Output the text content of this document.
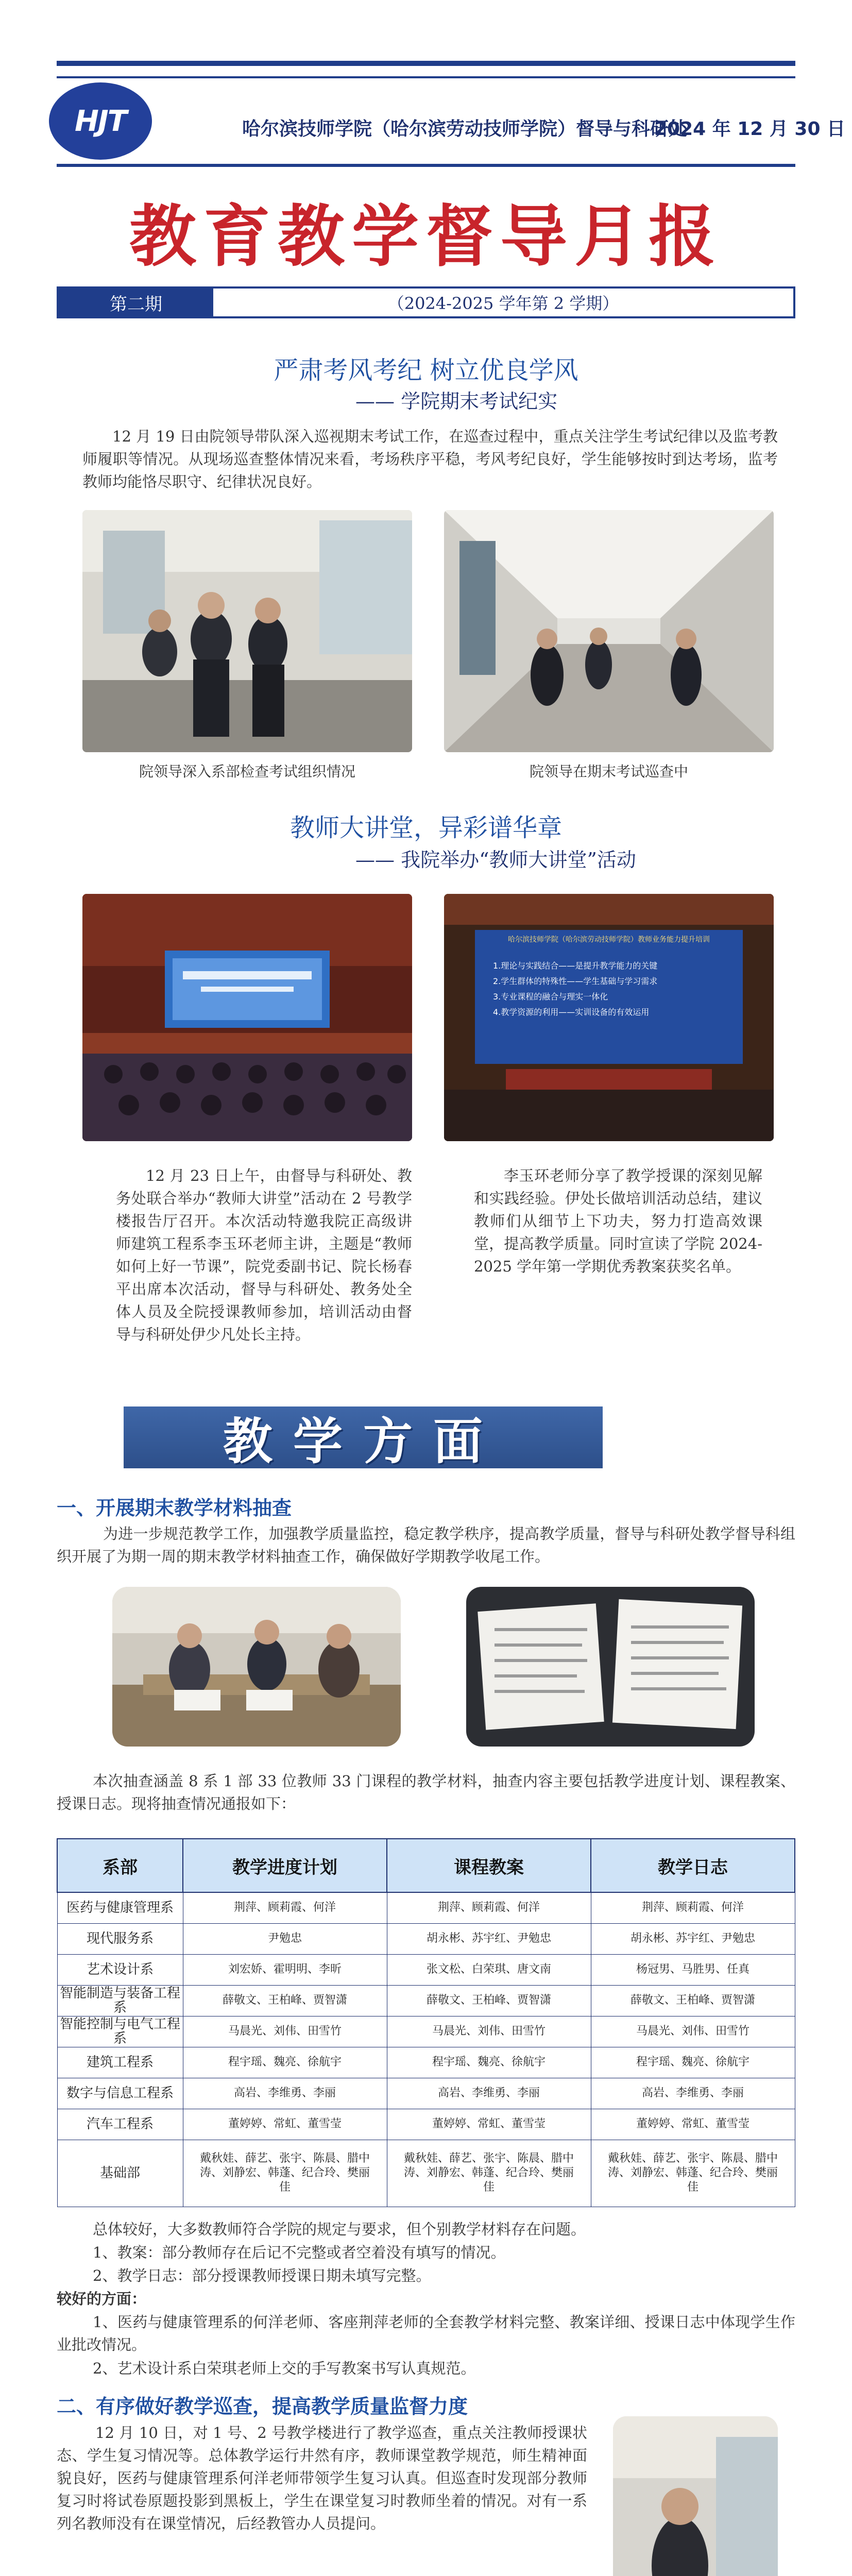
HJT	哈尔滨技师学院（哈尔滨劳动技师学院）督导与科研处
2024 年 12 月 30 日
教育教学督导月报
第二期	（2024-2025 学年第 2 学期）
严肃考风考纪 树立优良学风
—— 学院期末考试纪实
12 月 19 日由院领导带队深入巡视期末考试工作，在巡查过程中，重点关注学生考试纪律以及监考教师履职等情况。从现场巡查整体情况来看，考场秩序平稳，考风考纪良好，学生能够按时到达考场，监考教师均能恪尽职守、纪律状况良好。
院领导深入系部检查考试组织情况	院领导在期末考试巡查中
教师大讲堂，异彩谱华章
—— 我院举办“教师大讲堂”活动
哈尔滨技师学院（哈尔滨劳动技师学院）教师业务能力提升培训
1.理论与实践结合——是提升教学能力的关键
2.学生群体的特殊性——学生基础与学习需求
3.专业课程的融合与理实一体化
4.教学资源的利用——实训设备的有效运用
12 月 23 日上午，由督导与科研处、教务处联合举办“教师大讲堂”活动在 2 号教学楼报告厅召开。本次活动特邀我院正高级讲师建筑工程系李玉环老师主讲，主题是“教师如何上好一节课”，院党委副书记、院长杨春平出席本次活动，督导与科研处、教务处全体人员及全院授课教师参加，培训活动由督导与科研处伊少凡处长主持。
李玉环老师分享了教学授课的深刻见解和实践经验。伊处长做培训活动总结，建议教师们从细节上下功夫，努力打造高效课堂，提高教学质量。同时宣读了学院 2024-2025 学年第一学期优秀教案获奖名单。
教学方面
一、开展期末教学材料抽查
为进一步规范教学工作，加强教学质量监控，稳定教学秩序，提高教学质量，督导与科研处教学督导科组织开展了为期一周的期末教学材料抽查工作，确保做好学期教学收尾工作。
本次抽查涵盖 8 系 1 部 33 位教师 33 门课程的教学材料，抽查内容主要包括教学进度计划、课程教案、授课日志。现将抽查情况通报如下：
系部	教学进度计划	课程教案	教学日志
医药与健康管理系	荆萍、顾莉霞、何洋	荆萍、顾莉霞、何洋	荆萍、顾莉霞、何洋
现代服务系	尹勉忠	胡永彬、苏宇红、尹勉忠	胡永彬、苏宇红、尹勉忠
艺术设计系	刘宏娇、霍明明、李昕	张文松、白荣琪、唐文南	杨冠男、马胜男、任真
智能制造与装备工程系	薛敬文、王柏峰、贾智潇	薛敬文、王柏峰、贾智潇	薛敬文、王柏峰、贾智潇
智能控制与电气工程系	马晨光、刘伟、田雪竹	马晨光、刘伟、田雪竹	马晨光、刘伟、田雪竹
建筑工程系	程宇瑶、魏亮、徐航宇	程宇瑶、魏亮、徐航宇	程宇瑶、魏亮、徐航宇
数字与信息工程系	高岩、李维勇、李丽	高岩、李维勇、李丽	高岩、李维勇、李丽
汽车工程系	董婷婷、常虹、董雪莹	董婷婷、常虹、董雪莹	董婷婷、常虹、董雪莹
基础部	戴秋娃、薛艺、张宇、陈晨、腊中涛、刘静宏、韩蓬、纪合玲、樊丽佳	戴秋娃、薛艺、张宇、陈晨、腊中涛、刘静宏、韩蓬、纪合玲、樊丽佳	戴秋娃、薛艺、张宇、陈晨、腊中涛、刘静宏、韩蓬、纪合玲、樊丽佳
总体较好，大多数教师符合学院的规定与要求，但个别教学材料存在问题。
1、教案：部分教师存在后记不完整或者空着没有填写的情况。
2、教学日志：部分授课教师授课日期未填写完整。
较好的方面：
1、医药与健康管理系的何洋老师、客座荆萍老师的全套教学材料完整、教案详细、授课日志中体现学生作业批改情况。
2、艺术设计系白荣琪老师上交的手写教案书写认真规范。
二、有序做好教学巡查，提高教学质量监督力度
12 月 10 日，对 1 号、2 号教学楼进行了教学巡查，重点关注教师授课状态、学生复习情况等。总体教学运行井然有序，教师课堂教学规范，师生精神面貌良好，医药与健康管理系何洋老师带领学生复习认真。但巡查时发现部分教师复习时将试卷原题投影到黑板上，学生在课堂复习时教师坐着的情况。对有一系列名教师没有在课堂情况，后经教管办人员提问。
